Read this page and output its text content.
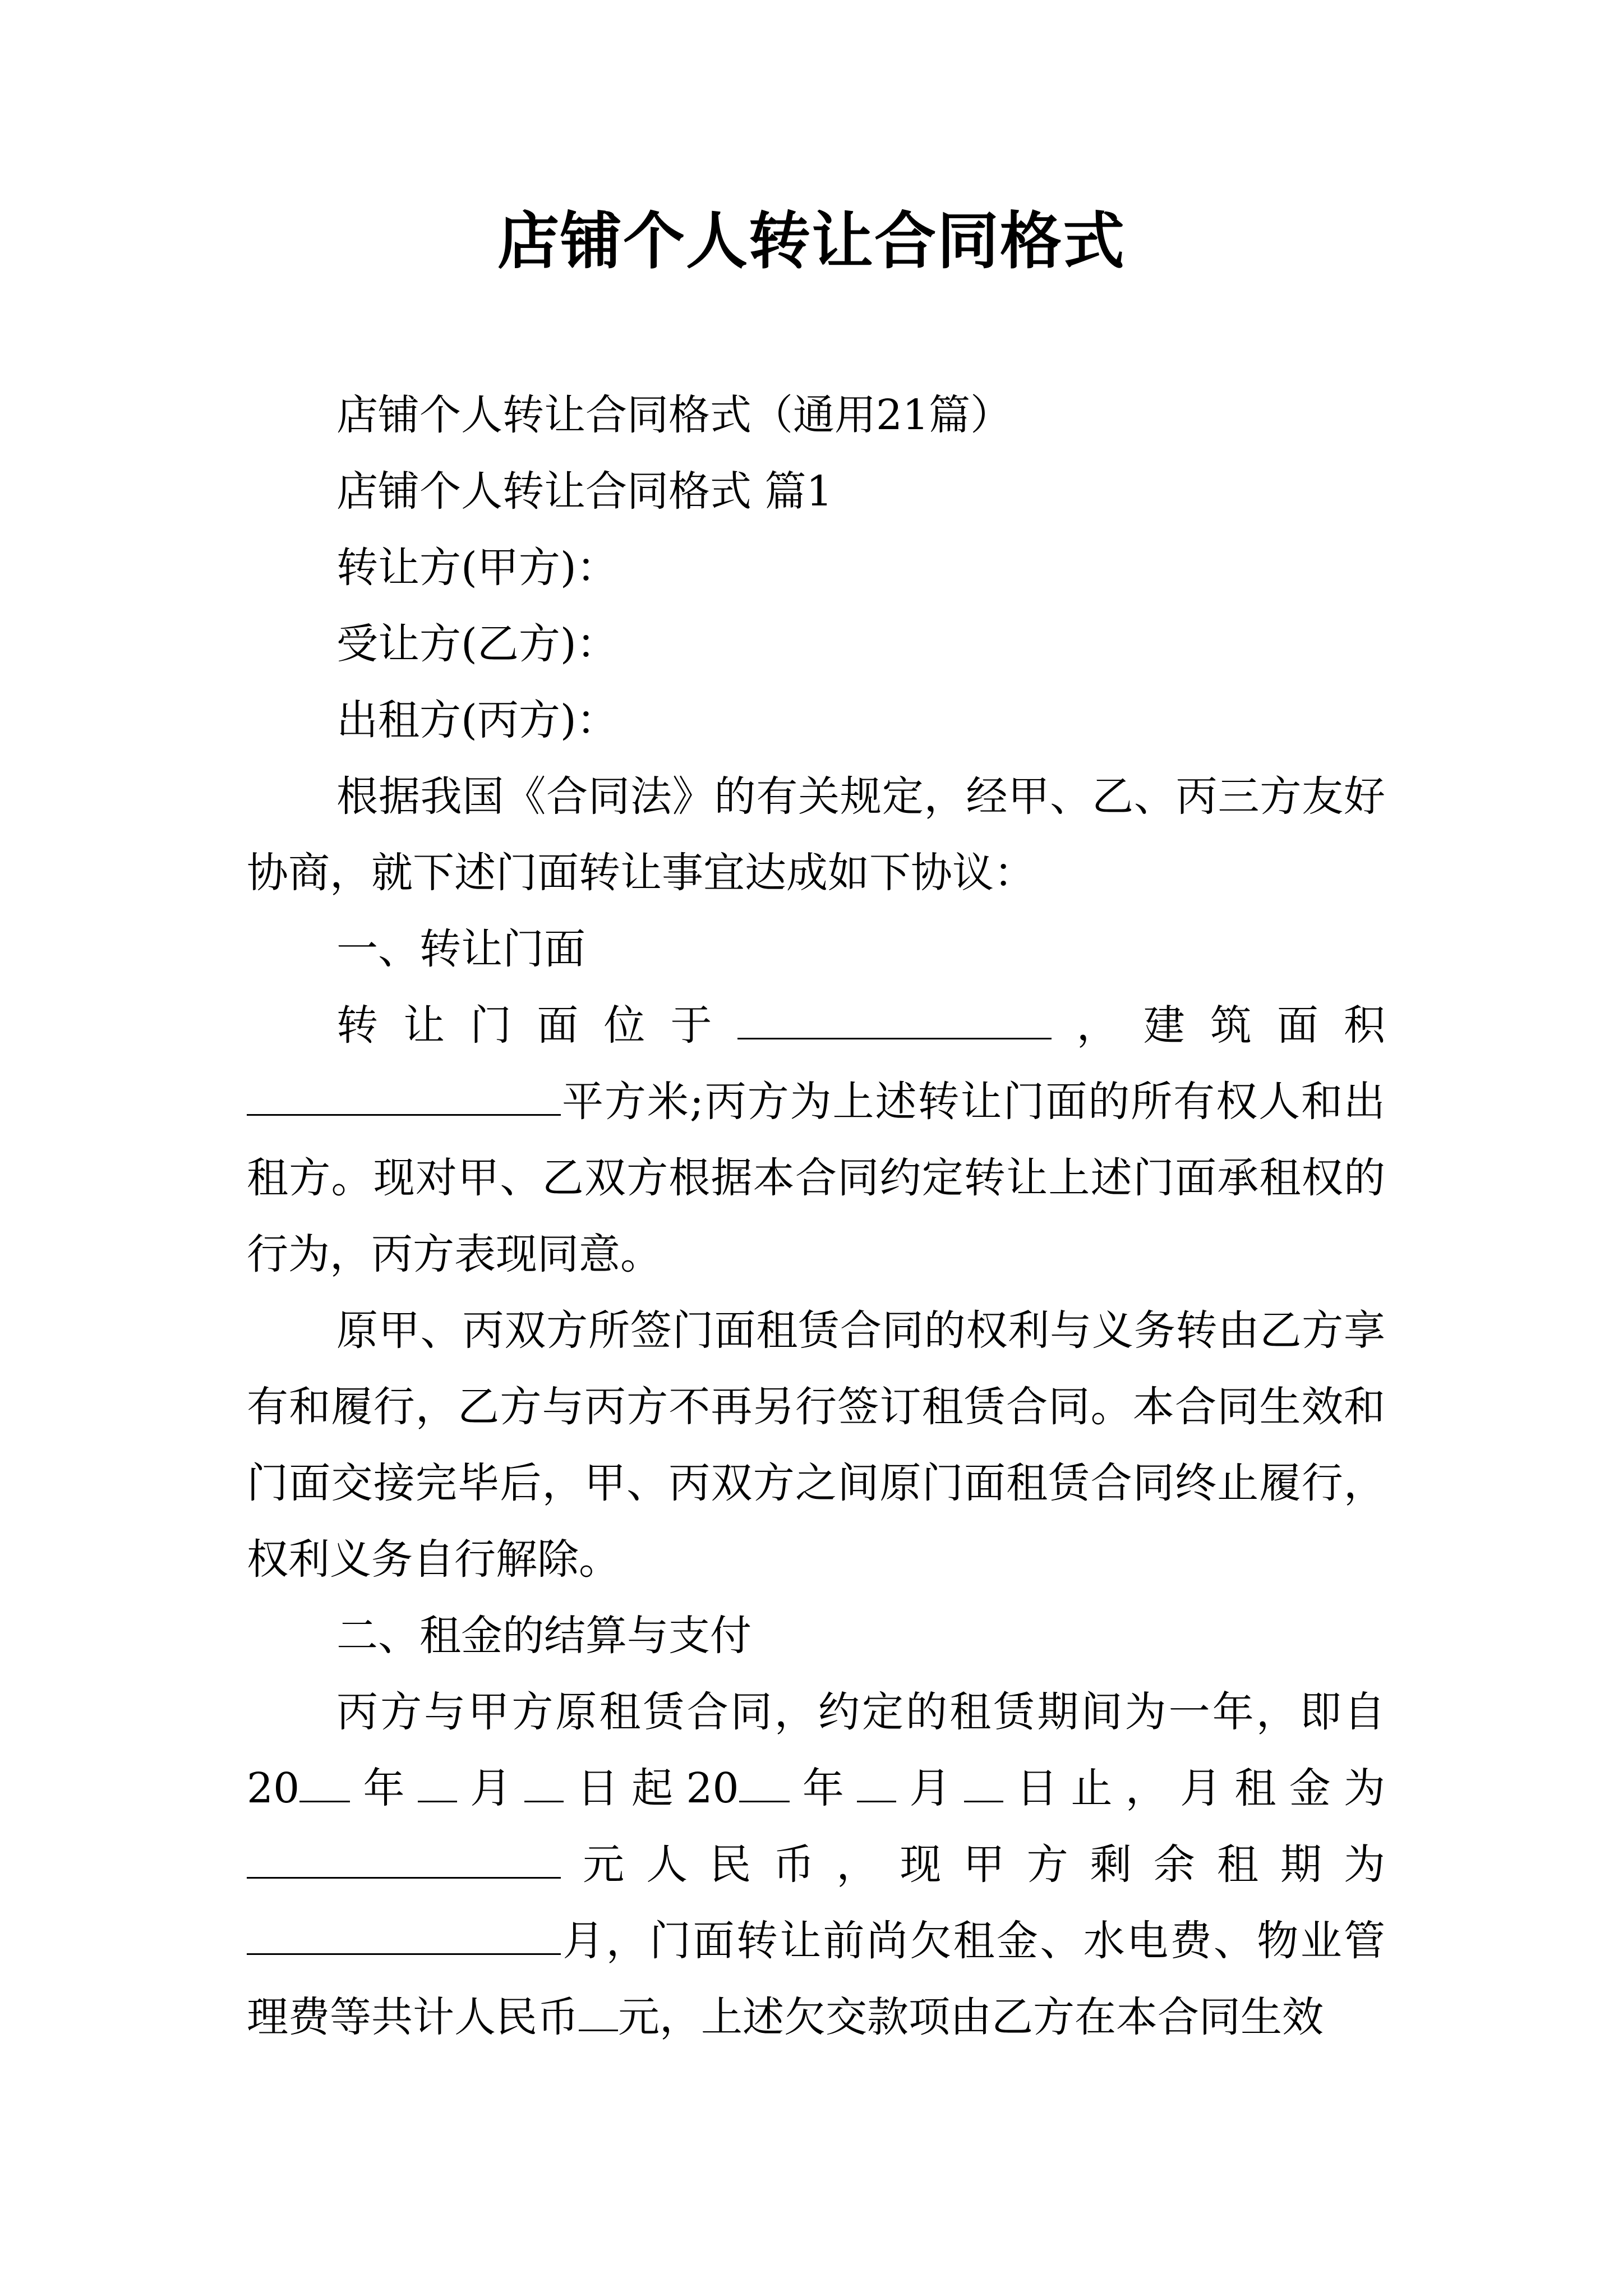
店铺个人转让合同格式

店铺个人转让合同格式（通用21篇）

店铺个人转让合同格式 篇1

转让方(甲方)：

受让方(乙方)：

出租方(丙方)：

根据我国《合同法》的有关规定，经甲、乙、丙三方友好协商，就下述门面转让事宜达成如下协议：

一、转让门面

转让门面位于	，建筑面积平方米;丙方为上述转让门面的所有权人和出租方。现对甲、乙双方根据本合同约定转让上述门面承租权的行为，丙方表现同意。

原甲、丙双方所签门面租赁合同的权利与义务转由乙方享有和履行，乙方与丙方不再另行签订租赁合同。本合同生效和门面交接完毕后，甲、丙双方之间原门面租赁合同终止履行，权利义务自行解除。

二、租金的结算与支付

丙方与甲方原租赁合同，约定的租赁期间为一年，即自20 年 月 日起20 年 月 日止，月租金为元人民币，现甲方剩余租期为月，门面转让前尚欠租金、水电费、物业管理费等共计人民币 元，上述欠交款项由乙方在本合同生效
